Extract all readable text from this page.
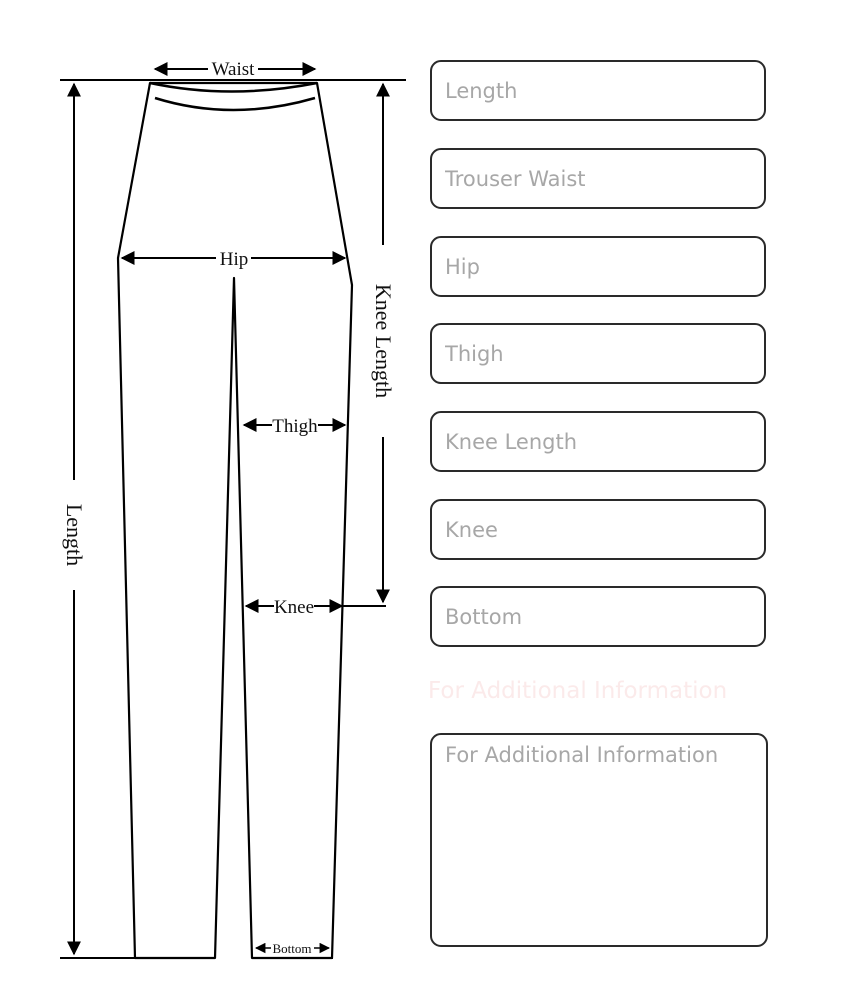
Waist
Hip
Thigh
Knee
Bottom
Length
Knee Length
Length
Trouser Waist
Hip
Thigh
Knee Length
Knee
Bottom
For Additional Information
For Additional Information
